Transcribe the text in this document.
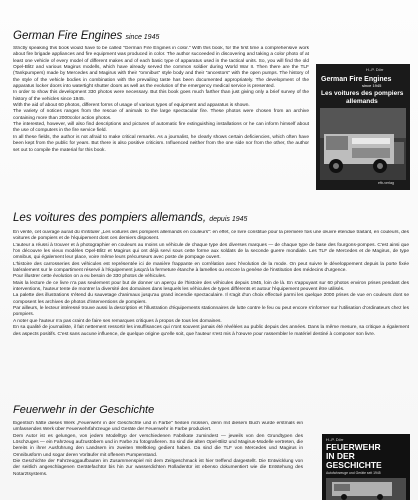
German Fire Engines since 1945

Strictly speaking this book would have to be called "German Fire Engines in color." With this book, for the first time a comprehensive work about fire brigade appliances and fire equipment was produced in color. The author succeeded in discovering and taking a color photo of at least one vehicle of every model of different makes and of each basic type of apparatus used in the tactical units. So, you will find the old Opel-Blitz and various Magirus modells, which have already served the common soldier during World War II. Then there are the TLF (Tankpumpers) made by Mercedes and Magirus with their "omnibus" style body and their "ancestors" with the open pumps. The history of the style of the vehicle bodies in combination with the prevailing taste has been documented appropriately. The development of the apparatus locker doors into watertight shutter doors as well as the evolution of the emergency medical service is presented.

In order to show this development 330 photos were necessary. But this book goes much farther than just giving only a brief survey of the history of the vehicles since 1945.

With the aid of about 60 photos, different forms of usage of various types of equipment and apparatus is shown.

The variety of notices ranges from the rescue of animals to the large spectacular fire. These photos were chosen from an archive containing more than 2000color action photos.

The interested, however, will also find descriptions and pictures of automatic fire extinguishing installations or he can inform himself about the use of computers in the fire service field.

In all these fields, the author is not afraid to make critical remarks. As a journalist, he clearly shows certain deficiencies, which often have been kept from the public for years. But there is also positive criticism. Influenced neither from the one side nor from the other, the author set out to compile the material for this book.

H.-P. Dörr
German Fire Engines
since 1945
Les voitures des pompiers
allemands
efb-verlag
Les voitures des pompiers allemands, depuis 1945

En vérité, cet ouvrage aurait dû s'intituler „Les voitures des pompiers allemands en couleurs": en effet, ce livre constitue pour la première fois une œuvre étendue traitant, en couleurs, des voitures de pompiers et de l'équipement dont ces derniers disposent.

L'auteur a réussi à trouver et à photographier en couleurs au moins un véhicule de chaque type des diverses marques — de chaque type de base des fourgons-pompes. C'est ainsi que l'on découvre les vieux modèles Opel-Blitz et Magirus qui ont déjà servi sous cette forme aux soldats de la seconde guerre mondiale. Les TLF de Mercedes et de Magirus, de type omnibus, qui également leur place, voire même leurs précurseurs avec poste de pompage ouvert.

L'histoire des carrosseries des véhicules est représentée ici de manière frappante en corrélation avec l'évolution de la mode. On peut suivre le développement depuis la porte fixée latéralement sur le compartiment réservé à l'équipement jusqu'à la fermeture étanche à lamelles ou encore la genèse de l'institution des médecins d'urgence.

Pour illustrer cette évolution on a eu besoin de 330 photos de véhicules.

Mais la lecture de ce livre n'a pas seulement pour but de donner un aperçu de l'histoire des véhicules depuis 1945, loin de là. En s'appuyant sur 60 photos environ prises pendant des interventions, l'auteur tente de montrer la diversité des domaines dans lesquels les véhicules de types différents et autour l'équipement peuvent être utilisés.

La palette des illustrations s'étend du sauvetage d'animaux jusqu'au grand incendie spectaculaire. Il s'agit d'un choix effectué parmi les quelque 2000 prises de vue en couleurs dont se composent les archives de photos d'interventions de pompiers.

Par ailleurs, le lecteur intéressé trouve aussi la description et l'illustration d'équipements stationnaires de lutte contre le feu ou peut encore s'informer sur l'utilisation d'ordinateurs chez les pompiers.

A noter que l'auteur n'a pas craint de faire ses remarques critiques à propos de tous les domaines.

En sa qualité de journaliste, il fait nettement ressortir les insuffisances qui n'ont souvent jamais été révélées au public depuis des années. Dans la même mesure, sa critique a également des aspects positifs. C'est sans aucune influence, de quelque origine qu'elle soit, que l'auteur s'est mis à l'œuvre pour rassembler le matériel destiné à composer son livre.

Feuerwehr in der Geschichte

Eigentlich hätte dieses Werk „Feuerwehr in der Geschichte und in Farbe" heißen müssen, denn mit diesem Buch wurde erstmals ein umfassendes Werk über Feuerwehrfahrzeuge und Geräte der Feuerwehr in Farbe produziert.

Dem Autor ist es gelungen, von jedem Modelltyp der verschiedenen Fabrikate zumindest — jeweils von den Grundtypen des Löschzuges — ein Fahrzeug aufzustöbern und in Farbe zu fotografieren. So sind die alten Opel-Blitz und Magirus-Modelle vertreten, die bereits in ihrer Ausführung den Landsern im zweiten Weltkrieg gedient haben. Da sind die TLF von Mercedes und Magirus in Omnibusform und sogar deren Vorläufer mit offenem Pumpenstand.

Die Geschichte der Fahrzeuggaufbauten im Zusammenspiel mit dem Zeitgeschmack ist hier treffend dargestellt. Die Entwicklung von der seitlich angeschlagenen Gerätefachtür bis hin zur wasserdichten Rolladentür ist ebenso dokumentiert wie die Entstehung des Notarztsystems.

H.-P. Dörr
FEUERWEHR
IN DER
GESCHICHTE
Autofahrzeuge und Geräte seit 1945
